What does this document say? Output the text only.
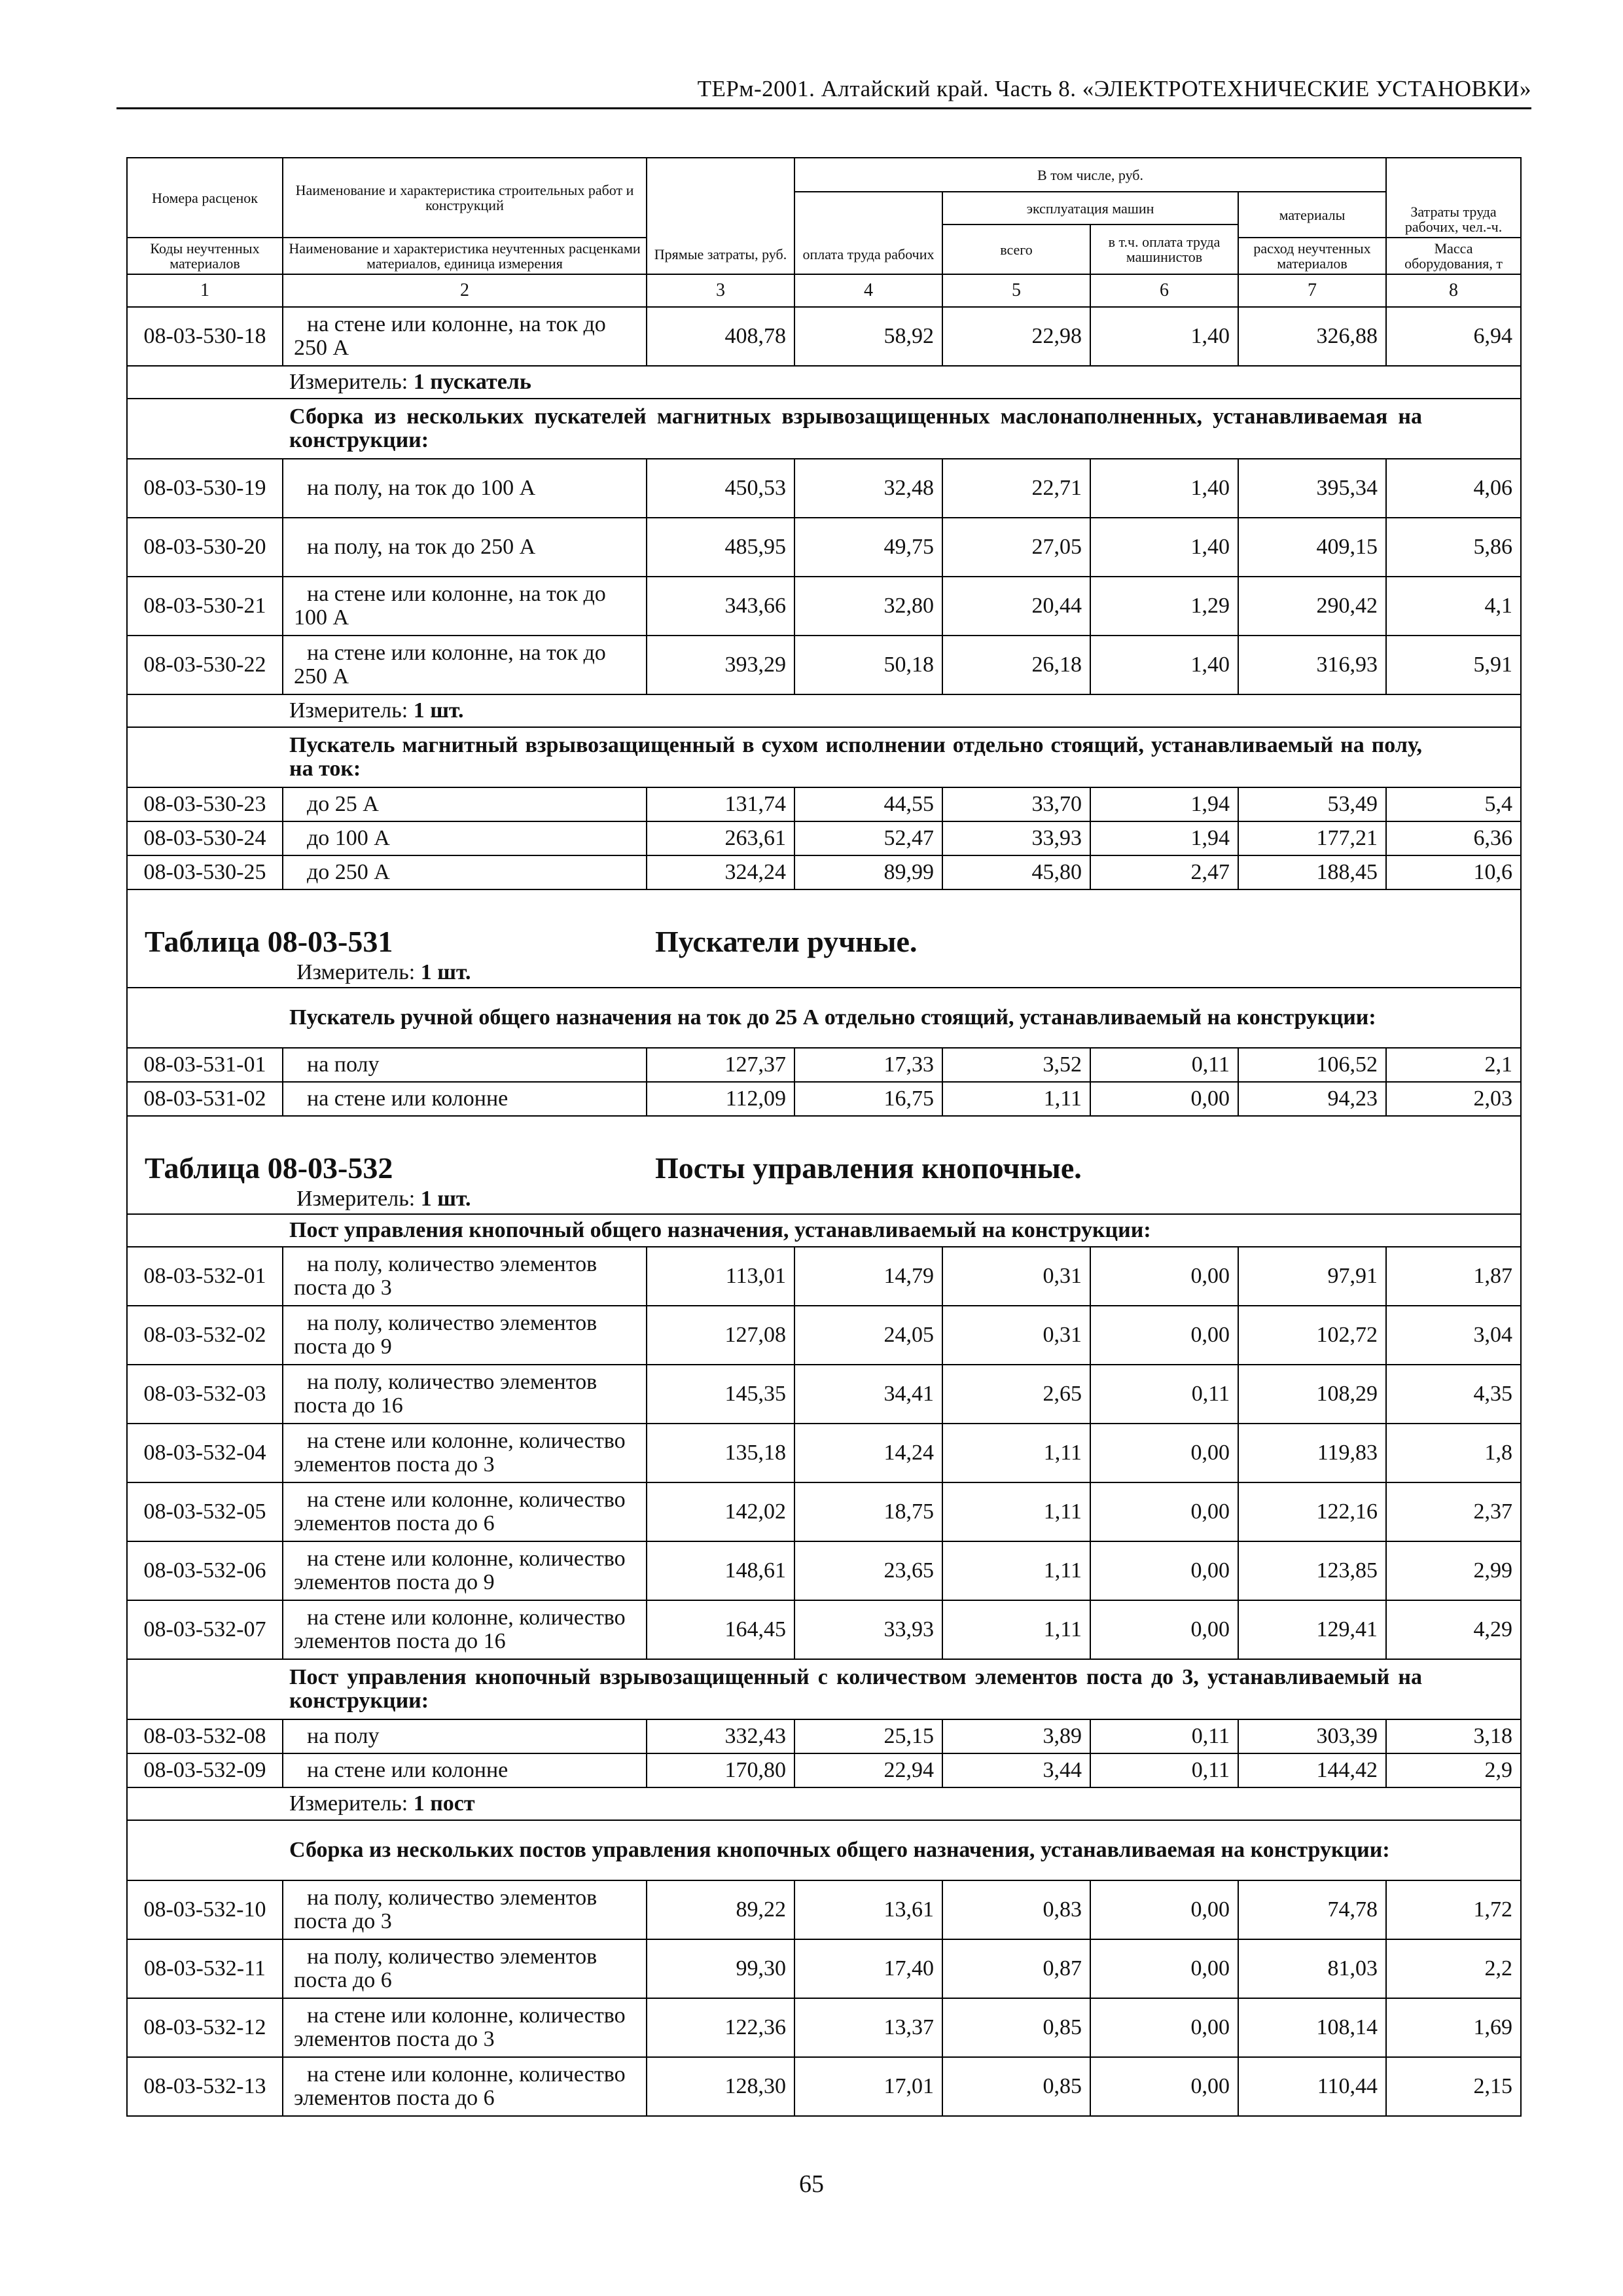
ТЕРм-2001. Алтайский край. Часть 8. «ЭЛЕКТРОТЕХНИЧЕСКИЕ УСТАНОВКИ»
Номера расценок	Наименование и характеристика строительных работ и конструкций	Прямые затраты, руб.	В том числе, руб.				Затраты труда рабочих, чел.-ч.
			оплата труда рабочих	эксплуатация машин		материалы	
				всего	в т.ч. оплата труда машинистов		
Коды неучтенных материалов	Наименование и характеристика неучтенных расценками материалов, единица измерения					расход неучтенных материалов	Масса оборудования, т

1	2	3	4	5	6	7	8
08-03-530-18	на стене или колонне, на ток до 250 А	408,78	58,92	22,98	1,40	326,88	6,94
	Измеритель: 1 пускатель						
	Сборка из нескольких пускателей магнитных взрывозащищенных маслонаполненных, устанавливаемая на конструкции:						
08-03-530-19	на полу, на ток до 100 А	450,53	32,48	22,71	1,40	395,34	4,06
08-03-530-20	на полу, на ток до 250 А	485,95	49,75	27,05	1,40	409,15	5,86
08-03-530-21	на стене или колонне, на ток до 100 А	343,66	32,80	20,44	1,29	290,42	4,1
08-03-530-22	на стене или колонне, на ток до 250 А	393,29	50,18	26,18	1,40	316,93	5,91
	Измеритель: 1 шт.						
	Пускатель магнитный взрывозащищенный в сухом исполнении отдельно стоящий, устанавливаемый на полу, на ток:						
08-03-530-23	до 25 А	131,74	44,55	33,70	1,94	53,49	5,4
08-03-530-24	до 100 А	263,61	52,47	33,93	1,94	177,21	6,36
08-03-530-25	до 250 А	324,24	89,99	45,80	2,47	188,45	10,6
Таблица 08-03-531 Пускатели ручные.
Измеритель: 1 шт.							

	Пускатель ручной общего назначения на ток до 25 А отдельно стоящий, устанавливаемый на конструкции:						
08-03-531-01	на полу	127,37	17,33	3,52	0,11	106,52	2,1
08-03-531-02	на стене или колонне	112,09	16,75	1,11	0,00	94,23	2,03
Таблица 08-03-532 Посты управления кнопочные.
Измеритель: 1 шт.							

	Пост управления кнопочный общего назначения, устанавливаемый на конструкции:						
08-03-532-01	на полу, количество элементов поста до 3	113,01	14,79	0,31	0,00	97,91	1,87
08-03-532-02	на полу, количество элементов поста до 9	127,08	24,05	0,31	0,00	102,72	3,04
08-03-532-03	на полу, количество элементов поста до 16	145,35	34,41	2,65	0,11	108,29	4,35
08-03-532-04	на стене или колонне, количество элементов поста до 3	135,18	14,24	1,11	0,00	119,83	1,8
08-03-532-05	на стене или колонне, количество элементов поста до 6	142,02	18,75	1,11	0,00	122,16	2,37
08-03-532-06	на стене или колонне, количество элементов поста до 9	148,61	23,65	1,11	0,00	123,85	2,99
08-03-532-07	на стене или колонне, количество элементов поста до 16	164,45	33,93	1,11	0,00	129,41	4,29
	Пост управления кнопочный взрывозащищенный с количеством элементов поста до 3, устанавливаемый на конструкции:						
08-03-532-08	на полу	332,43	25,15	3,89	0,11	303,39	3,18
08-03-532-09	на стене или колонне	170,80	22,94	3,44	0,11	144,42	2,9
	Измеритель: 1 пост						
	Сборка из нескольких постов управления кнопочных общего назначения, устанавливаемая на конструкции:						
08-03-532-10	на полу, количество элементов поста до 3	89,22	13,61	0,83	0,00	74,78	1,72
08-03-532-11	на полу, количество элементов поста до 6	99,30	17,40	0,87	0,00	81,03	2,2
08-03-532-12	на стене или колонне, количество элементов поста до 3	122,36	13,37	0,85	0,00	108,14	1,69
08-03-532-13	на стене или колонне, количество элементов поста до 6	128,30	17,01	0,85	0,00	110,44	2,15
65
